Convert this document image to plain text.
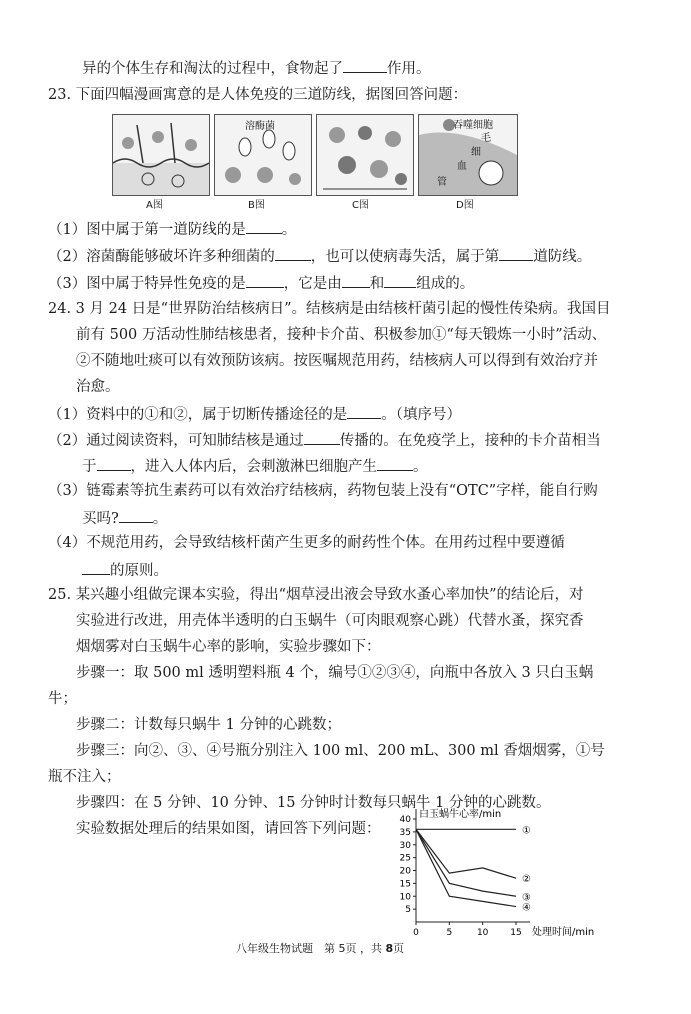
异的个体生存和淘汰的过程中，食物起了	作用。
23. 下面四幅漫画寓意的是人体免疫的三道防线，据图回答问题：
溶酶菌	吞噬细胞
毛
细
血
管
A图	B图	C图	D图
（1）图中属于第一道防线的是 。
（2）溶菌酶能够破坏许多种细菌的 ，也可以使病毒失活，属于第 道防线。
（3）图中属于特异性免疫的是	，它是由 和 组成的。
24. 3 月 24 日是“世界防治结核病日”。结核病是由结核杆菌引起的慢性传染病。我国目
前有 500 万活动性肺结核患者，接种卡介苗、积极参加①“每天锻炼一小时”活动、
②不随地吐痰可以有效预防该病。按医嘱规范用药，结核病人可以得到有效治疗并
治愈。
（1）资料中的①和②，属于切断传播途径的是 。（填序号）
（2）通过阅读资料，可知肺结核是通过 传播的。在免疫学上，接种的卡介苗相当
于 ，进入人体内后，会刺激淋巴细胞产生 。
（3）链霉素等抗生素药可以有效治疗结核病，药物包装上没有“OTC”字样，能自行购
买吗? 。
（4）不规范用药，会导致结核杆菌产生更多的耐药性个体。在用药过程中要遵循
的原则。
25. 某兴趣小组做完课本实验，得出“烟草浸出液会导致水蚤心率加快”的结论后，对
实验进行改进，用壳体半透明的白玉蜗牛（可肉眼观察心跳）代替水蚤，探究香
烟烟雾对白玉蜗牛心率的影响，实验步骤如下：
步骤一：取 500 ml 透明塑料瓶 4 个，编号①②③④，向瓶中各放入 3 只白玉蜗
牛；
步骤二：计数每只蜗牛 1 分钟的心跳数；
步骤三：向②、③、④号瓶分别注入 100 ml、200 mL、300 ml 香烟烟雾，①号
瓶不注入；
步骤四：在 5 分钟、10 分钟、15 分钟时计数每只蜗牛 1 分钟的心跳数。
实验数据处理后的结果如图，请回答下列问题：
白玉蜗牛心率/min
处理时间/min
5
10
15
20
25
30
35
40
0	5	10 15
①
②
③
④
八年级生物试题　第 5页 ，共 8页
